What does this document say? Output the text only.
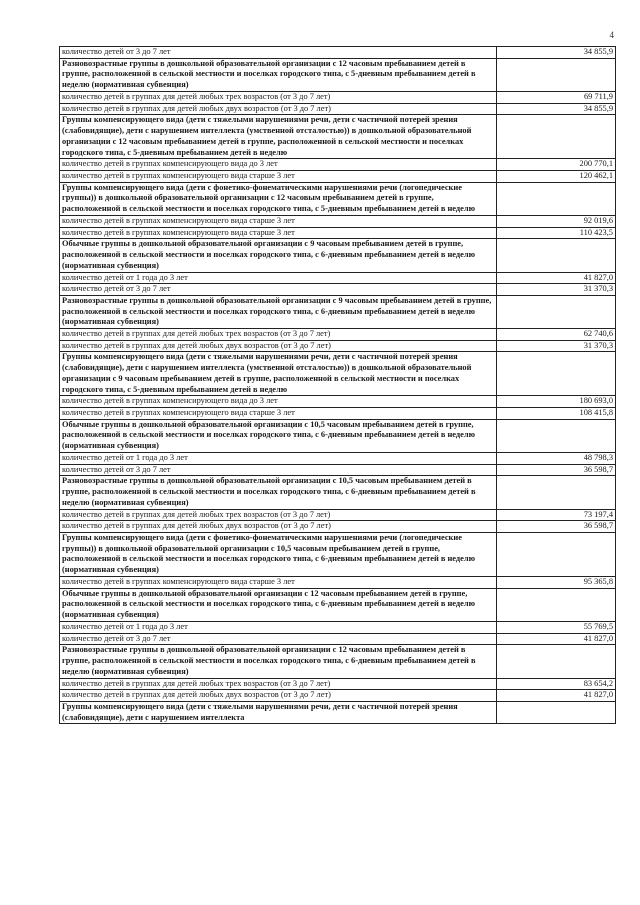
4
количество детей от 3 до 7 лет	34 855,9
Разновозрастные группы в дошкольной образовательной организации с 12 часовым пребыванием детей в группе, расположенной в сельской местности и поселках городского типа, с 5-дневным пребыванием детей в неделю (нормативная субвенция)	
количество детей в группах для детей любых трех возрастов (от 3 до 7 лет)	69 711,9
количество детей в группах для детей любых двух возрастов (от 3 до 7 лет)	34 855,9
Группы компенсирующего вида (дети с тяжелыми нарушениями речи, дети с частичной потерей зрения (слабовидящие), дети с нарушением интеллекта (умственной отсталостью)) в дошкольной образовательной организации с 12 часовым пребыванием детей в группе, расположенной в сельской местности и поселках городского типа, с 5-дневным пребыванием детей в неделю	
количество детей в группах компенсирующего вида до 3 лет	200 770,1
количество детей в группах компенсирующего вида старше 3 лет	120 462,1
Группы компенсирующего вида (дети с фонетико-фонематическими нарушениями речи (логопедические группы)) в дошкольной образовательной организации с 12 часовым пребыванием детей в группе, расположенной в сельской местности и поселках городского типа, с 5-дневным пребыванием детей в неделю	
количество детей в группах компенсирующего вида старше 3 лет	92 019,6
количество детей в группах компенсирующего вида старше 3 лет	110 423,5
Обычные группы в дошкольной образовательной организации с 9 часовым пребыванием детей в группе, расположенной в сельской местности и поселках городского типа, с 6-дневным пребыванием детей в неделю (нормативная субвенция)	
количество детей от 1 года до 3 лет	41 827,0
количество детей от 3 до 7 лет	31 370,3
Разновозрастные группы в дошкольной образовательной организации с 9 часовым пребыванием детей в группе, расположенной в сельской местности и поселках городского типа, с 6-дневным пребыванием детей в неделю (нормативная субвенция)	
количество детей в группах для детей любых трех возрастов (от 3 до 7 лет)	62 740,6
количество детей в группах для детей любых двух возрастов (от 3 до 7 лет)	31 370,3
Группы компенсирующего вида (дети с тяжелыми нарушениями речи, дети с частичной потерей зрения (слабовидящие), дети с нарушением интеллекта (умственной отсталостью)) в дошкольной образовательной организации с 9 часовым пребыванием детей в группе, расположенной в сельской местности и поселках городского типа, с 5-дневным пребыванием детей в неделю	
количество детей в группах компенсирующего вида до 3 лет	180 693,0
количество детей в группах компенсирующего вида старше 3 лет	108 415,8
Обычные группы в дошкольной образовательной организации с 10,5 часовым пребыванием детей в группе, расположенной в сельской местности и поселках городского типа, с 6-дневным пребыванием детей в неделю (нормативная субвенция)	
количество детей от 1 года до 3 лет	48 798,3
количество детей от 3 до 7 лет	36 598,7
Разновозрастные группы в дошкольной образовательной организации с 10,5 часовым пребыванием детей в группе, расположенной в сельской местности и поселках городского типа, с 6-дневным пребыванием детей в неделю (нормативная субвенция)	
количество детей в группах для детей любых трех возрастов (от 3 до 7 лет)	73 197,4
количество детей в группах для детей любых двух возрастов (от 3 до 7 лет)	36 598,7
Группы компенсирующего вида (дети с фонетико-фонематическими нарушениями речи (логопедические группы)) в дошкольной образовательной организации с 10,5 часовым пребыванием детей в группе, расположенной в сельской местности и поселках городского типа, с 6-дневным пребыванием детей в неделю (нормативная субвенция)	
количество детей в группах компенсирующего вида старше 3 лет	95 365,8
Обычные группы в дошкольной образовательной организации с 12 часовым пребыванием детей в группе, расположенной в сельской местности и поселках городского типа, с 6-дневным пребыванием детей в неделю (нормативная субвенция)	
количество детей от 1 года до 3 лет	55 769,5
количество детей от 3 до 7 лет	41 827,0
Разновозрастные группы в дошкольной образовательной организации с 12 часовым пребыванием детей в группе, расположенной в сельской местности и поселках городского типа, с 6-дневным пребыванием детей в неделю (нормативная субвенция)	
количество детей в группах для детей любых трех возрастов (от 3 до 7 лет)	83 654,2
количество детей в группах для детей любых двух возрастов (от 3 до 7 лет)	41 827,0
Группы компенсирующего вида (дети с тяжелыми нарушениями речи, дети с частичной потерей зрения (слабовидящие), дети с нарушением интеллекта	
